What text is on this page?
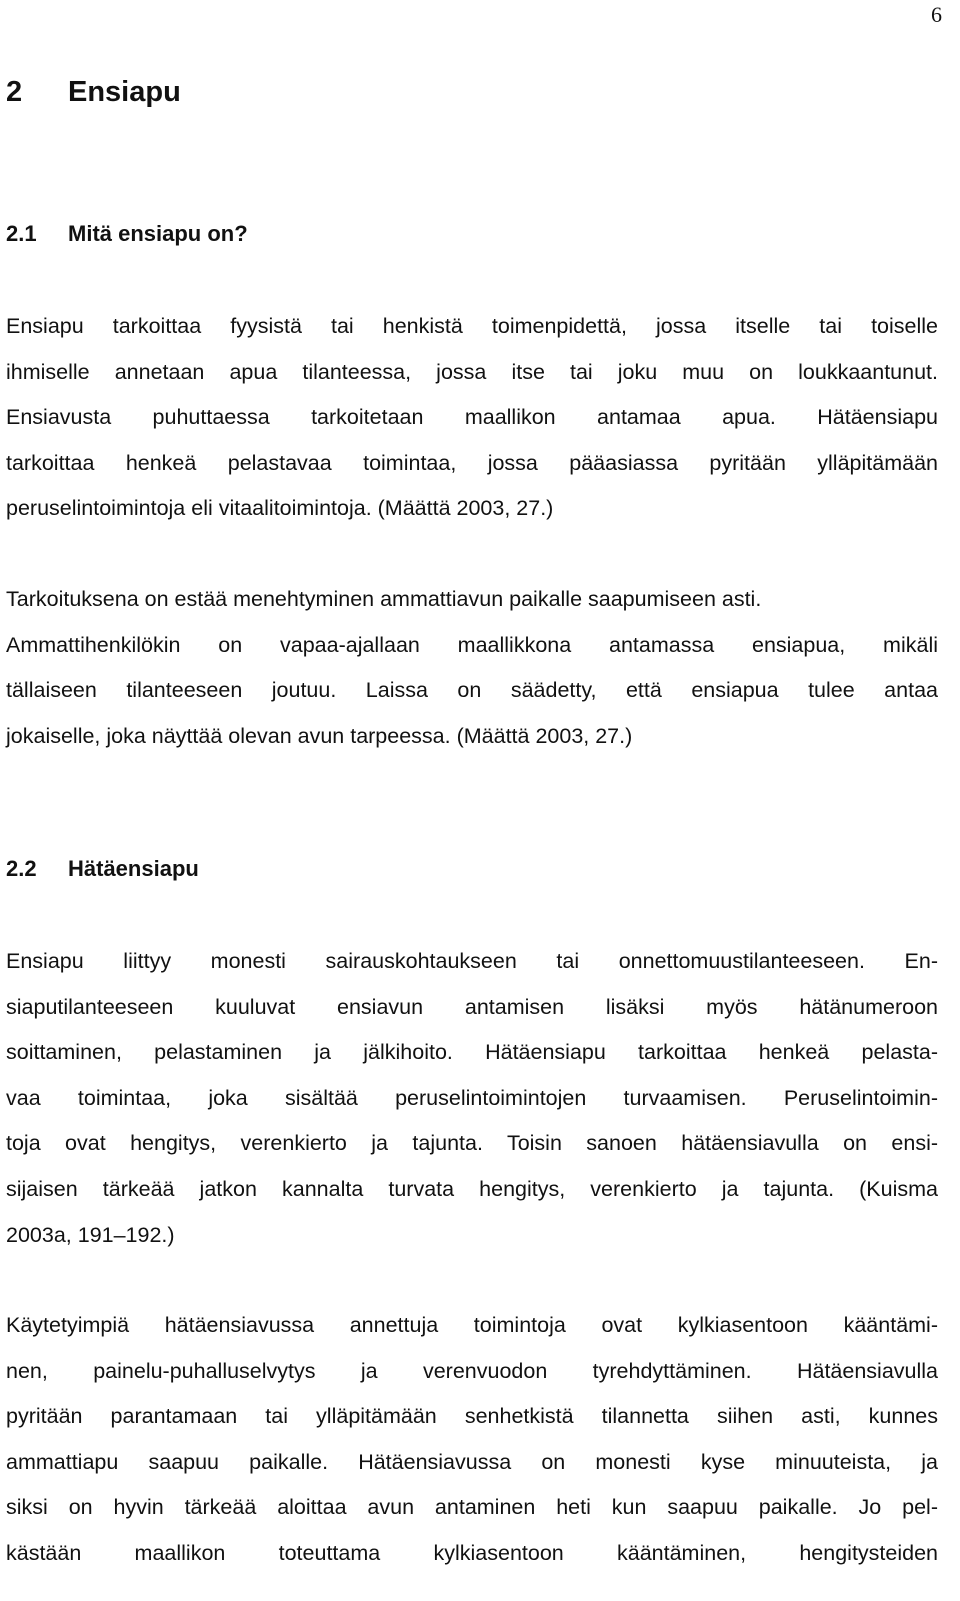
6
2 Ensiapu
2.1 Mitä ensiapu on?

Ensiapu tarkoittaa fyysistä tai henkistä toimenpidettä, jossa itselle tai toiselle
ihmiselle annetaan apua tilanteessa, jossa itse tai joku muu on loukkaantunut.
Ensiavusta puhuttaessa tarkoitetaan maallikon antamaa apua. Hätäensiapu
tarkoittaa henkeä pelastavaa toimintaa, jossa pääasiassa pyritään ylläpitämään
peruselintoimintoja eli vitaalitoimintoja. (Määttä 2003, 27.)

Tarkoituksena on estää menehtyminen ammattiavun paikalle saapumiseen asti.
Ammattihenkilökin on vapaa-ajallaan maallikkona antamassa ensiapua, mikäli
tällaiseen tilanteeseen joutuu. Laissa on säädetty, että ensiapua tulee antaa
jokaiselle, joka näyttää olevan avun tarpeessa. (Määttä 2003, 27.)

2.2 Hätäensiapu

Ensiapu liittyy monesti sairauskohtaukseen tai onnettomuustilanteeseen. En-
siaputilanteeseen kuuluvat ensiavun antamisen lisäksi myös hätänumeroon
soittaminen, pelastaminen ja jälkihoito. Hätäensiapu tarkoittaa henkeä pelasta-
vaa toimintaa, joka sisältää peruselintoimintojen turvaamisen. Peruselintoimin-
toja ovat hengitys, verenkierto ja tajunta. Toisin sanoen hätäensiavulla on ensi-
sijaisen tärkeää jatkon kannalta turvata hengitys, verenkierto ja tajunta. (Kuisma
2003a, 191–192.)

Käytetyimpiä hätäensiavussa annettuja toimintoja ovat kylkiasentoon kääntämi-
nen, painelu-puhalluselvytys ja verenvuodon tyrehdyttäminen. Hätäensiavulla
pyritään parantamaan tai ylläpitämään senhetkistä tilannetta siihen asti, kunnes
ammattiapu saapuu paikalle. Hätäensiavussa on monesti kyse minuuteista, ja
siksi on hyvin tärkeää aloittaa avun antaminen heti kun saapuu paikalle. Jo pel-
kästään maallikon toteuttama kylkiasentoon kääntäminen, hengitysteiden
